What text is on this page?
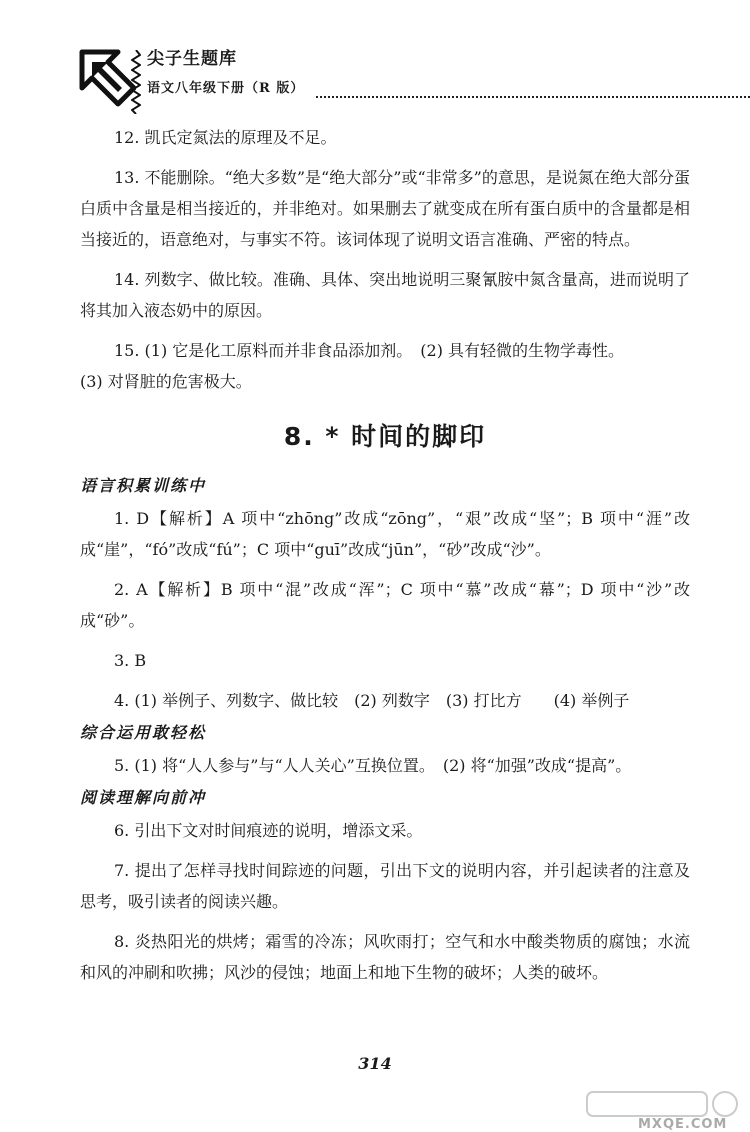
尖子生题库
语文八年级下册（R 版）

12. 凯氏定氮法的原理及不足。

13. 不能删除。“绝大多数”是“绝大部分”或“非常多”的意思，是说氮在绝大部分蛋白质中含量是相当接近的，并非绝对。如果删去了就变成在所有蛋白质中的含量都是相当接近的，语意绝对，与事实不符。该词体现了说明文语言准确、严密的特点。

14. 列数字、做比较。准确、具体、突出地说明三聚氰胺中氮含量高，进而说明了将其加入液态奶中的原因。

15. (1) 它是化工原料而并非食品添加剂。　(2) 具有轻微的生物学毒性。

(3) 对肾脏的危害极大。

8. * 时间的脚印

语言积累训练中

1. D【解析】A 项中“zhōng”改成“zōng”，“艰”改成“坚”；B 项中“涯”改成“崖”，“fó”改成“fú”；C 项中“guī”改成“jūn”，“砂”改成“沙”。

2. A【解析】B 项中“混”改成“浑”；C 项中“慕”改成“幕”；D 项中“沙”改成“砂”。

3. B

4. (1) 举例子、列数字、做比较　(2) 列数字　(3) 打比方　　(4) 举例子

综合运用敢轻松

5. (1) 将“人人参与”与“人人关心”互换位置。　(2) 将“加强”改成“提高”。

阅读理解向前冲

6. 引出下文对时间痕迹的说明，增添文采。

7. 提出了怎样寻找时间踪迹的问题，引出下文的说明内容，并引起读者的注意及思考，吸引读者的阅读兴趣。

8. 炎热阳光的烘烤；霜雪的冷冻；风吹雨打；空气和水中酸类物质的腐蚀；水流和风的冲刷和吹拂；风沙的侵蚀；地面上和地下生物的破坏；人类的破坏。

314
MXQE.COM
